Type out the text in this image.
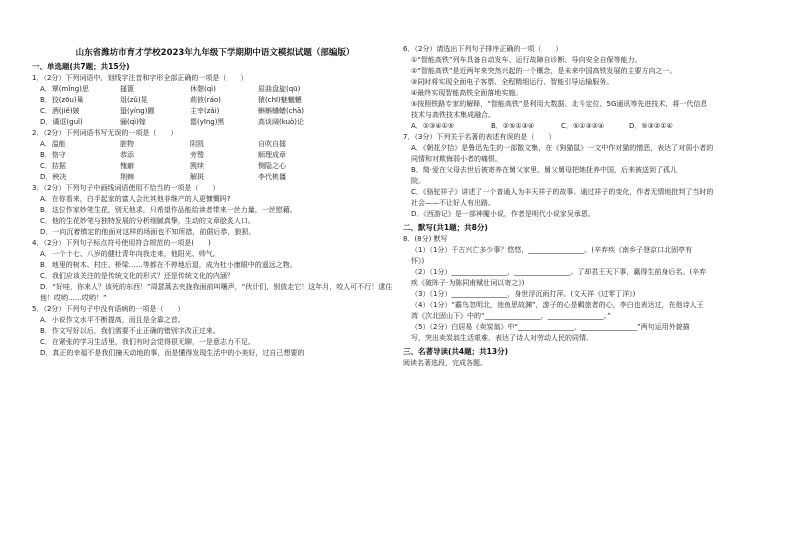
山东省潍坊市育才学校2023年九年级下学期期中语文模拟试题（部编版）
一、单选题(共7题；共15分)
1．（2分）下列词语中，划线字注音和字形全部正确的一项是（　　）
A．覃(mǐng)思	搔篦	休憩(qì)	屈曲盘旋(qū)
B．狡(zōu)巢	俎(zǔ)晃	荊彼(ráo)	猿(chī)魅魍魉
C．酒(jiě)皴	蛩(yíng)圃	主宰(zǎi)	蝌蝌蛐蟮(chā)
D．谲诓(guǐ)	骊(qì)嫁	罂(yīng)黑	高谈阔(kuò)论
2．（2分）下列词语书写无误的一项是（　　）
A．温能	脏物	阴凯	自吹自擂
B．恪守	恭添	旁鹫	顺理成章
C．拮据	愧癖	觊续	恻隐之心
D．秧决	荆棘	解斑	李代桃僵
3．（2分）下列句子中画线词语使用不恰当的一项是（　　）
A．在你看来，白手起家的富人会比其他非继产的人更慷慨吗?
B．这位作家妙笔生花，别无他求，只希望作品能给读者带来一丝力量，一丝慰藉。
C．他的生花妙笔与独特发展的分析细腻真挚，生动的文章脍炙人口。
D．一向沉着镇定的他面对这样的场面也不知所措，前倨后恭，狼狈。
4．（2分）下列句子标点符号使用符合规范的一项是(　　)
A．一个十七、八岁的健壮青年向我走来，他阳光、帅气。
B．地里的树木、村庄、桥梁……等都在不停地后退，成为杜小康眼中的遥远之物。
C．我们应该关注的是传统文化的形式？还是传统文化的内涵？
D．“好哇，你来人？该死的东西！”周瑟蒿去夹拢我面前叫嚷声，“伙计们，别放走它！这年月，咬人可不行！逮住他！哎哟……哎哟！”
5．（2分）下列句子中没有语病的一项是（　　）
A．小说作文水平不断提高，而且是全靠之首。
B．作文写好以后，我们需要不止正确的错别字改正过来。
C．在紧张的学习生活里，我们有时会觉得很无聊，一是意志力不足。
D．真正的幸福不是我们撞天动地的事，而是懂得发现生活中的小美好，过自己想要的
6．（2分）请选出下列句子排序正确的一项（　　）
①“智能高铁”列车具备自动发车、运行故障自诊断、导向安全自保等能力。
②“智能高铁”是近两年来突然兴起的一个概念，是未来中国高铁发展的主要方向之一。
③同时将实现全面电子客票、全程精细运行、智能引导运输服务。
④最终实现智能高铁全面落地实施。
⑤按照铁路专家的解释，“智能高铁”是利用大数据、北斗定位、5G通讯等先进技术，将一代信息
技术与高铁技术集成融合。
A．②③④①⑤	B．②⑤①③④	C．⑤①③②④	D．⑤③②①④
7．（3分）下列关于名著的表述有误的是（　　）
A．《朝花夕拾》是鲁迅先生的一部散文集，在《狗猫鼠》一文中作对猫的憎恶，表达了对弱小者的
同情和对欺侮弱小者的痛恨。
B．简·爱在父母去世后被寄养在舅父家里。舅父舅母把她抚养中国，后来被送到了孤儿
院。
C．《骆驼祥子》讲述了一个普通人为丰天祥子的故事。通过祥子的变化，作者无情地批判了当时的
社会——不让好人有出路。
D．《西游记》是一部神魔小说，作者是明代小说家吴承恩。
二、默写(共1题；共8分)
8．(8分) 默写
（1）（1分）千古兴亡多少事？悠悠，________________。(辛弃疾《南乡子登京口北固亭有
怀》)
（2）（1分）________________，________________。了却君王天下事，赢得生前身后名。(辛弃
疾《破阵子·为陈同甫赋壮词以寄之》)
（3）（1分）________________，身世浮沉雨打萍。(文天祥《过零丁洋》)
（4）（1分）“霸鸟忽明北，池鱼思故渊”，游子的心是羁旅者的心，李白也表达过，在他诗人王
湾《次北固山下》中的“________________，________________。”
（5）（2分）白居易《卖炭翁》中“________________，________________”两句运用外貌描
写，突出卖炭翁生活艰难，表达了诗人对劳动人民的同情。
三、名著导读(共4题；共13分)
阅读名著选段，完成各题。
